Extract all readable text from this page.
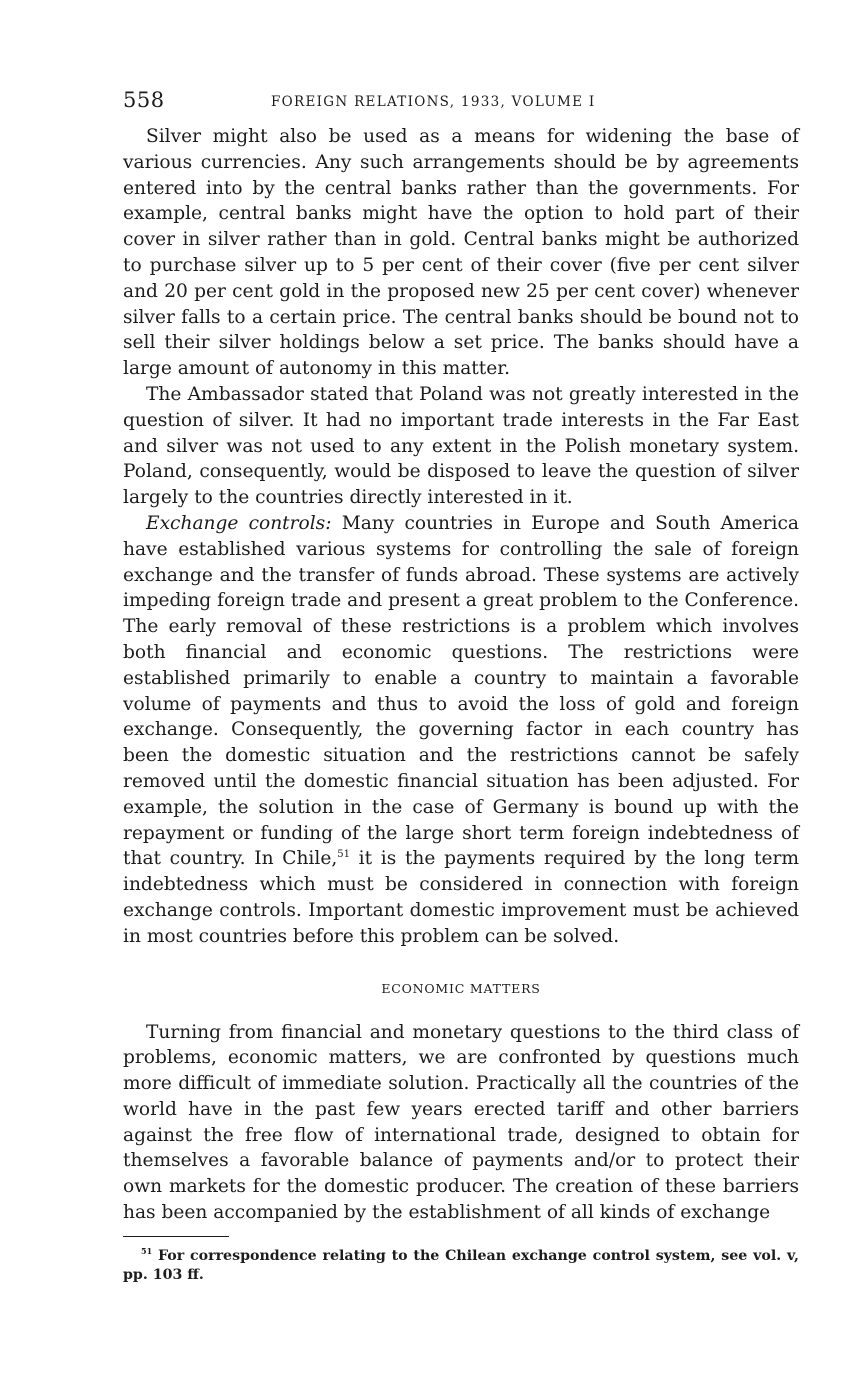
558	FOREIGN RELATIONS, 1933, VOLUME I

Silver might also be used as a means for widening the base of various currencies. Any such arrangements should be by agreements entered into by the central banks rather than the governments. For example, central banks might have the option to hold part of their cover in silver rather than in gold. Central banks might be authorized to purchase silver up to 5 per cent of their cover (five per cent silver and 20 per cent gold in the proposed new 25 per cent cover) whenever silver falls to a certain price. The central banks should be bound not to sell their silver holdings below a set price. The banks should have a large amount of autonomy in this matter.

The Ambassador stated that Poland was not greatly interested in the question of silver. It had no important trade interests in the Far East and silver was not used to any extent in the Polish monetary system. Poland, consequently, would be disposed to leave the question of silver largely to the countries directly interested in it.

Exchange controls: Many countries in Europe and South America have established various systems for controlling the sale of foreign exchange and the transfer of funds abroad. These systems are actively impeding foreign trade and present a great problem to the Conference. The early removal of these restrictions is a problem which involves both financial and economic questions. The restrictions were established primarily to enable a country to maintain a favorable volume of payments and thus to avoid the loss of gold and foreign exchange. Consequently, the governing factor in each country has been the domestic situation and the restrictions cannot be safely removed until the domestic financial situation has been adjusted. For example, the solution in the case of Germany is bound up with the repayment or funding of the large short term foreign indebtedness of that country. In Chile,$^{51}$ it is the payments required by the long term indebtedness which must be considered in connection with foreign exchange controls. Important domestic improvement must be achieved in most countries before this problem can be solved.

ECONOMIC MATTERS

Turning from financial and monetary questions to the third class of problems, economic matters, we are confronted by questions much more difficult of immediate solution. Practically all the countries of the world have in the past few years erected tariff and other barriers against the free flow of international trade, designed to obtain for themselves a favorable balance of payments and/or to protect their own markets for the domestic producer. The creation of these barriers has been accompanied by the establishment of all kinds of exchange

$^{51}$ For correspondence relating to the Chilean exchange control system, see vol. v, pp. 103 ff.
